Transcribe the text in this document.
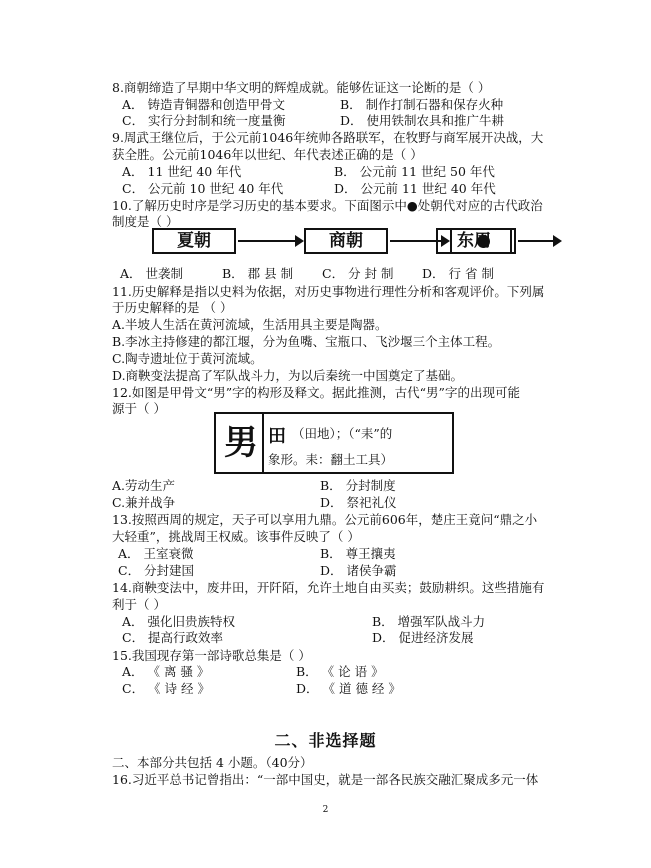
8.商朝缔造了早期中华文明的辉煌成就。能够佐证这一论断的是（ ）
A． 铸造青铜器和创造甲骨文	B． 制作打制石器和保存火种
C． 实行分封制和统一度量衡	D． 使用铁制农具和推广牛耕
9.周武王继位后，于公元前1046年统帅各路联军，在牧野与商军展开决战，大
获全胜。公元前1046年以世纪、年代表述正确的是（ ）
A． 11 世纪 40 年代	B． 公元前 11 世纪 50 年代
C． 公元前 10 世纪 40 年代	D． 公元前 11 世纪 40 年代
10.了解历史时序是学习历史的基本要求。下面图示中●处朝代对应的古代政治
制度是（ ）
夏朝	商朝	东周
A． 世袭制	B． 郡 县 制 C． 分 封 制 D． 行 省 制
11.历史解释是指以史料为依据，对历史事物进行理性分析和客观评价。下列属
于历史解释的是 （ ）
A.半坡人生活在黄河流域，生活用具主要是陶器。
B.李冰主持修建的都江堰，分为鱼嘴、宝瓶口、飞沙堰三个主体工程。
C.陶寺遗址位于黄河流域。
D.商鞅变法提高了军队战斗力，为以后秦统一中国奠定了基础。
12.如图是甲骨文“男”字的构形及释文。据此推测，古代“男”字的出现可能
源于（ ）
男 田 （田地）；（“耒”的
象形。耒：翻土工具）
A.劳动生产	B． 分封制度
C.兼并战争	D． 祭祀礼仪
13.按照西周的规定，天子可以享用九鼎。公元前606年，楚庄王竟问“鼎之小
大轻重”，挑战周王权威。该事件反映了（ ）
A． 王室衰微	B． 尊王攘夷
C． 分封建国	D． 诸侯争霸
14.商鞅变法中，废井田，开阡陌，允许土地自由买卖；鼓励耕织。这些措施有
利于（ ）
A． 强化旧贵族特权	B． 增强军队战斗力
C． 提高行政效率	D． 促进经济发展
15.我国现存第一部诗歌总集是（ ）
A． 《 离 骚 》	B． 《 论 语 》
C． 《 诗 经 》	D． 《 道 德 经 》
二、非选择题
二、本部分共包括 4 小题。（40分）
16.习近平总书记曾指出：“一部中国史，就是一部各民族交融汇聚成多元一体
2
